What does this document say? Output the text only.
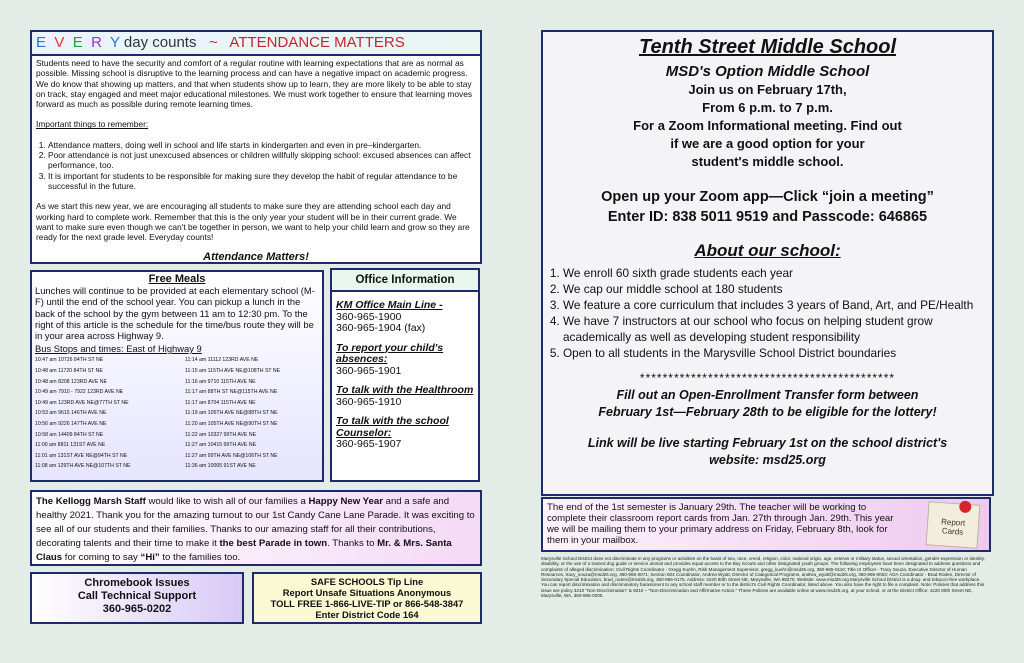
E V E R Y day counts ~ ATTENDANCE MATTERS

Students need to have the security and comfort of a regular routine with learning expectations that are as normal as possible. Missing school is disruptive to the learning process and can have a negative impact on academic progress. We do know that showing up matters, and that when students show up to learn, they are more likely to be able to stay on track, stay engaged and meet major educational milestones. We must work together to ensure that learning moves forward as much as possible during remote learning times.

Important things to remember:

1. Attendance matters, doing well in school and life starts in kindergarten and even in pre–kindergarten.
2. Poor attendance is not just unexcused absences or children willfully skipping school: excused absences can affect performance, too.
3. It is important for students to be responsible for making sure they develop the habit of regular attendance to be successful in the future.

As we start this new year, we are encouraging all students to make sure they are attending school each day and working hard to complete work. Remember that this is the only year your student will be in their current grade. We want to make sure even though we can't be together in person, we want to help your child learn and grow so they are ready for the next grade level. Everyday counts!

Attendance Matters!
Free Meals
Lunches will continue to be provided at each elementary school (M-F) until the end of the school year. You can pickup a lunch in the back of the school by the gym between 11 am to 12:30 pm. To the right of this article is the schedule for the time/bus route they will be in your area across Highway 9.
Bus Stops and times: East of Highway 9
10:47 am 10726 84TH ST NE	11:14 am 11112 123RD AVE NE
10:48 am 11720 84TH ST NE	11:15 am 115TH AVE NE@108TH ST NE
10:48 am 8208 123RD AVE NE	11:16 am 9710 115TH AVE NE
10:49 am 7910 - 7922 123RD AVE NE	11:17 am 88TH ST NE@115TH AVE NE
10:49 am 123RD AVE NE@77TH ST NE	11:17 am 8704 115TH AVE NE
10:53 am 9615 146TH AVE NE	11:19 am 105TH AVE NE@88TH ST NE
10:56 am 9226 147TH AVE NE	11:20 am 105TH AVE NE@90TH ST NE
10:58 am 14409 84TH ST NE	11:22 am 10327 99TH AVE NE
11:00 am 8811 131ST AVE NE	11:27 am 10415 99TH AVE NE
11:01 am 131ST AVE NE@94TH ST NE	11:27 am 99TH AVE NE@106TH ST NE
11:08 am 129TH AVE NE@107TH ST NE	11:36 am 10005 91ST AVE NE
Office Information
KM Office Main Line -
360-965-1900
360-965-1904 (fax)
To report your child's absences:
360-965-1901
To talk with the Healthroom
360-965-1910
To talk with the school Counselor:
360-965-1907
The Kellogg Marsh Staff would like to wish all of our families a Happy New Year and a safe and healthy 2021. Thank you for the amazing turnout to our 1st Candy Cane Lane Parade. It was exciting to see all of our students and their families. Thanks to our amazing staff for all their contributions, decorating talents and their time to make it the best Parade in town. Thanks to Mr. & Mrs. Santa Claus for coming to say “Hi” to the families too.
Chromebook Issues
Call Technical Support
360-965-0202
SAFE SCHOOLS Tip Line
Report Unsafe Situations Anonymous
TOLL FREE 1-866-LIVE-TIP or 866-548-3847
Enter District Code 164
Tenth Street Middle School
MSD's Option Middle School
Join us on February 17th,
From 6 p.m. to 7 p.m.
For a Zoom Informational meeting. Find out
if we are a good option for your
student's middle school.
Open up your Zoom app—Click “join a meeting”
Enter ID: 838 5011 9519 and Passcode: 646865
About our school:
1. We enroll 60 sixth grade students each year
2. We cap our middle school at 180 students
3. We feature a core curriculum that includes 3 years of Band, Art, and PE/Health
4. We have 7 instructors at our school who focus on helping student grow academically as well as developing student responsibility
5. Open to all students in the Marysville School District boundaries
*********************************************
Fill out an Open-Enrollment Transfer form between
February 1st—February 28th to be eligible for the lottery!
Link will be live starting February 1st on the school district's
website: msd25.org
The end of the 1st semester is January 29th. The teacher will be working to complete their classroom report cards from Jan. 27th through Jan. 29th. This year we will be mailing them to your primary address on Friday, February 8th, look for them in your mailbox.
Report
Cards
Marysville School District does not discriminate in any programs or activities on the basis of sex, race, creed, religion, color, national origin, age, veteran or military status, sexual orientation, gender expression or identity, disability, or the use of a trained dog guide or service animal and provides equal access to the Boy Scouts and other designated youth groups. The following employees have been designated to address questions and complaints of alleged discrimination: Civil Rights Coordinator - Gregg Kuehn, Risk Management Supervisor, gregg_kuehn@msd25.org, 360-965-0110; Title IX Officer - Tracy Souza, Executive Director of Human Resources, tracy_souza@msd25.org, 360-965-0071; Section 504 Coordinator, Andrea Wyatt, Director of Categorical Programs, andrea_wyatt@msd25.org, 360-965-0053; ADA Coordinator - Brad Roden, Director of Secondary Special Education, brad_roden@msd25.org, 360-965-0175. Address: 4220 80th Street NE, Marysville, WA 98270. Website: www.msd25.org Marysville School District is a drug- and tobacco-free workplace.
You can report discrimination and discriminatory harassment to any school staff member or to the district's Civil Rights Coordinator, listed above. You also have the right to file a complaint. Note: Policies that address this issue are policy 3210 "Non-Discrimination" & 5010 – "Non-Discrimination and Affirmative Action." These Policies are available online at www.msd25.org, at your school, or at the District Office: 4220 80th Street NE, Marysville, WA, 360-965-0000.
